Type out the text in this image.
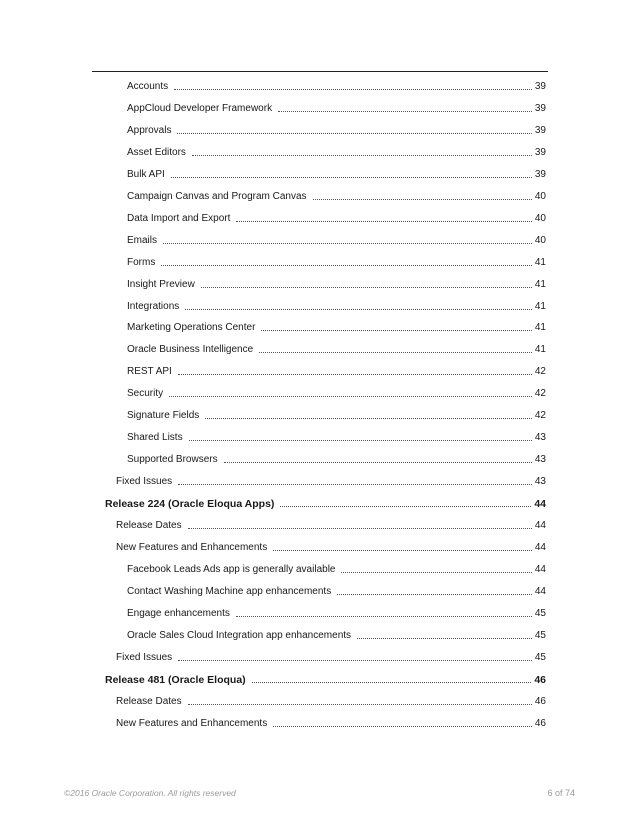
Accounts	39
AppCloud Developer Framework	39
Approvals	39
Asset Editors	39
Bulk API	39
Campaign Canvas and Program Canvas	40
Data Import and Export	40
Emails	40
Forms	41
Insight Preview	41
Integrations	41
Marketing Operations Center	41
Oracle Business Intelligence	41
REST API	42
Security	42
Signature Fields	42
Shared Lists	43
Supported Browsers	43
Fixed Issues	43
Release 224 (Oracle Eloqua Apps)	44
Release Dates	44
New Features and Enhancements	44
Facebook Leads Ads app is generally available	44
Contact Washing Machine app enhancements	44
Engage enhancements	45
Oracle Sales Cloud Integration app enhancements	45
Fixed Issues	45
Release 481 (Oracle Eloqua)	46
Release Dates	46
New Features and Enhancements	46
©2016 Oracle Corporation. All rights reserved	6 of 74
